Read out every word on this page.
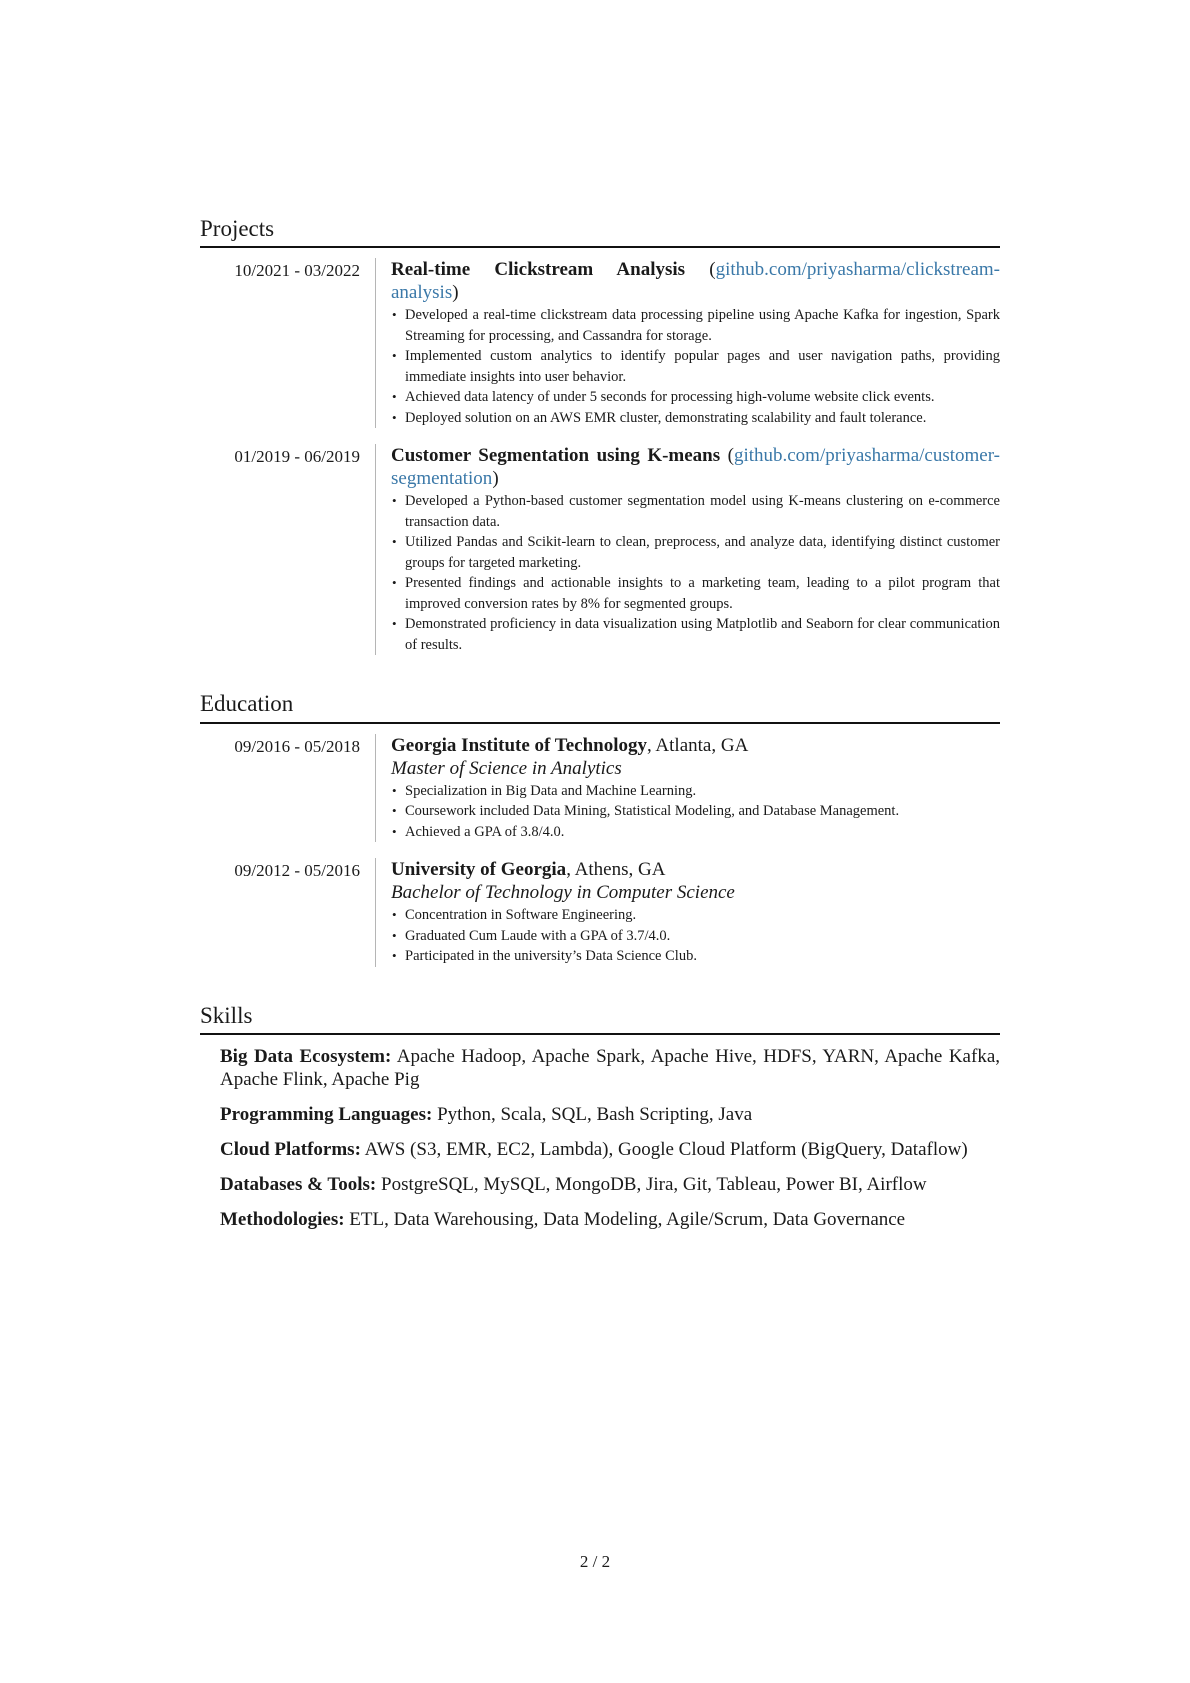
Projects
10/2021 - 03/2022	Real-time Clickstream Analysis (github.com/priyasharma/clickstream-analysis)

• Developed a real-time clickstream data processing pipeline using Apache Kafka for ingestion, Spark Streaming for processing, and Cassandra for storage.
• Implemented custom analytics to identify popular pages and user navigation paths, providing immediate insights into user behavior.
• Achieved data latency of under 5 seconds for processing high-volume website click events.
• Deployed solution on an AWS EMR cluster, demonstrating scalability and fault tolerance.
01/2019 - 06/2019	Customer Segmentation using K-means (github.com/priyasharma/customer-segmentation)

• Developed a Python-based customer segmentation model using K-means clustering on e-commerce transaction data.
• Utilized Pandas and Scikit-learn to clean, preprocess, and analyze data, identifying distinct customer groups for targeted marketing.
• Presented findings and actionable insights to a marketing team, leading to a pilot program that improved conversion rates by 8% for segmented groups.
• Demonstrated proficiency in data visualization using Matplotlib and Seaborn for clear communication of results.
Education
09/2016 - 05/2018	Georgia Institute of Technology, Atlanta, GA

Master of Science in Analytics

• Specialization in Big Data and Machine Learning.
• Coursework included Data Mining, Statistical Modeling, and Database Management.
• Achieved a GPA of 3.8/4.0.
09/2012 - 05/2016	University of Georgia, Athens, GA

Bachelor of Technology in Computer Science

• Concentration in Software Engineering.
• Graduated Cum Laude with a GPA of 3.7/4.0.
• Participated in the university’s Data Science Club.
Skills
Big Data Ecosystem: Apache Hadoop, Apache Spark, Apache Hive, HDFS, YARN, Apache Kafka, Apache Flink, Apache Pig
Programming Languages: Python, Scala, SQL, Bash Scripting, Java
Cloud Platforms: AWS (S3, EMR, EC2, Lambda), Google Cloud Platform (BigQuery, Dataflow)
Databases & Tools: PostgreSQL, MySQL, MongoDB, Jira, Git, Tableau, Power BI, Airflow
Methodologies: ETL, Data Warehousing, Data Modeling, Agile/Scrum, Data Governance
2 / 2
